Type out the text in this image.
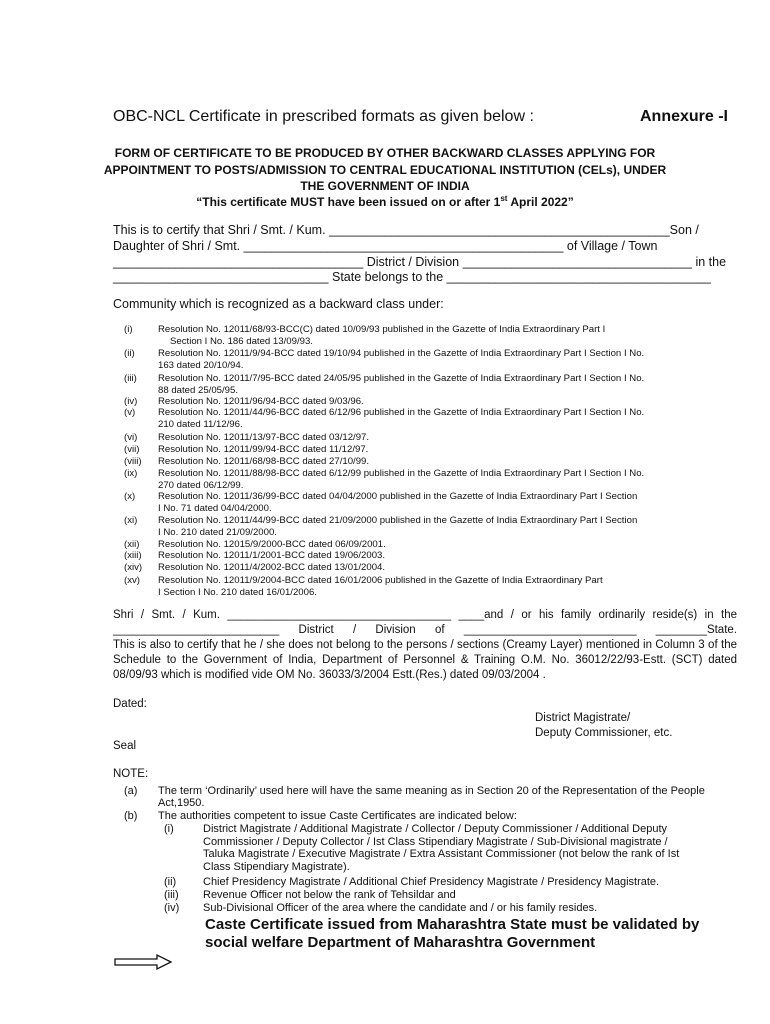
OBC-NCL Certificate in prescribed formats as given below :	Annexure -I
FORM OF CERTIFICATE TO BE PRODUCED BY OTHER BACKWARD CLASSES APPLYING FOR
APPOINTMENT TO POSTS/ADMISSION TO CENTRAL EDUCATIONAL INSTITUTION (CELs), UNDER
THE GOVERNMENT OF INDIA
“This certificate MUST have been issued on or after 1st April 2022”
This is to certify that Shri / Smt. / Kum. _________________________________________________Son /
Daughter of Shri / Smt. ______________________________________________ of Village / Town
____________________________________ District / Division _________________________________ in the
_______________________________ State belongs to the ______________________________________
Community which is recognized as a backward class under:
(i)	Resolution No. 12011/68/93-BCC(C) dated 10/09/93 published in the Gazette of India Extraordinary Part I
Section I No. 186 dated 13/09/93.
(ii) Resolution No. 12011/9/94-BCC dated 19/10/94 published in the Gazette of India Extraordinary Part I Section I No.
163 dated 20/10/94.
(iii) Resolution No. 12011/7/95-BCC dated 24/05/95 published in the Gazette of India Extraordinary Part I Section I No.
88 dated 25/05/95.
(iv) Resolution No. 12011/96/94-BCC dated 9/03/96.
(v) Resolution No. 12011/44/96-BCC dated 6/12/96 published in the Gazette of India Extraordinary Part I Section I No.
210 dated 11/12/96.
(vi) Resolution No. 12011/13/97-BCC dated 03/12/97.
(vii) Resolution No. 12011/99/94-BCC dated 11/12/97.
(viii) Resolution No. 12011/68/98-BCC dated 27/10/99.
(ix) Resolution No. 12011/88/98-BCC dated 6/12/99 published in the Gazette of India Extraordinary Part I Section I No.
270 dated 06/12/99.
(x) Resolution No. 12011/36/99-BCC dated 04/04/2000 published in the Gazette of India Extraordinary Part I Section
I No. 71 dated 04/04/2000.
(xi) Resolution No. 12011/44/99-BCC dated 21/09/2000 published in the Gazette of India Extraordinary Part I Section
I No. 210 dated 21/09/2000.
(xii) Resolution No. 12015/9/2000-BCC dated 06/09/2001.
(xiii) Resolution No. 12011/1/2001-BCC dated 19/06/2003.
(xiv) Resolution No. 12011/4/2002-BCC dated 13/01/2004.
(xv) Resolution No. 12011/9/2004-BCC dated 16/01/2006 published in the Gazette of India Extraordinary Part
I Section I No. 210 dated 16/01/2006.
Shri / Smt. / Kum. ___________________________________ ____and / or his family ordinarily reside(s) in the
__________________________ District / Division of ___________________________ ________State.
This is also to certify that he / she does not belong to the persons / sections (Creamy Layer) mentioned in Column 3 of the
Schedule to the Government of India, Department of Personnel & Training O.M. No. 36012/22/93-Estt. (SCT) dated
08/09/93 which is modified vide OM No. 36033/3/2004 Estt.(Res.) dated 09/03/2004 .
Dated:
District Magistrate/
Deputy Commissioner, etc.
Seal
NOTE:
(a) The term ‘Ordinarily’ used here will have the same meaning as in Section 20 of the Representation of the People
Act,1950.
(b) The authorities competent to issue Caste Certificates are indicated below:
(i)	District Magistrate / Additional Magistrate / Collector / Deputy Commissioner / Additional Deputy
Commissioner / Deputy Collector / Ist Class Stipendiary Magistrate / Sub-Divisional magistrate /
Taluka Magistrate / Executive Magistrate / Extra Assistant Commissioner (not below the rank of Ist
Class Stipendiary Magistrate).
(ii) Chief Presidency Magistrate / Additional Chief Presidency Magistrate / Presidency Magistrate.
(iii) Revenue Officer not below the rank of Tehsildar and
(iv) Sub-Divisional Officer of the area where the candidate and / or his family resides.
Caste Certificate issued from Maharashtra State must be validated by
social welfare Department of Maharashtra Government
